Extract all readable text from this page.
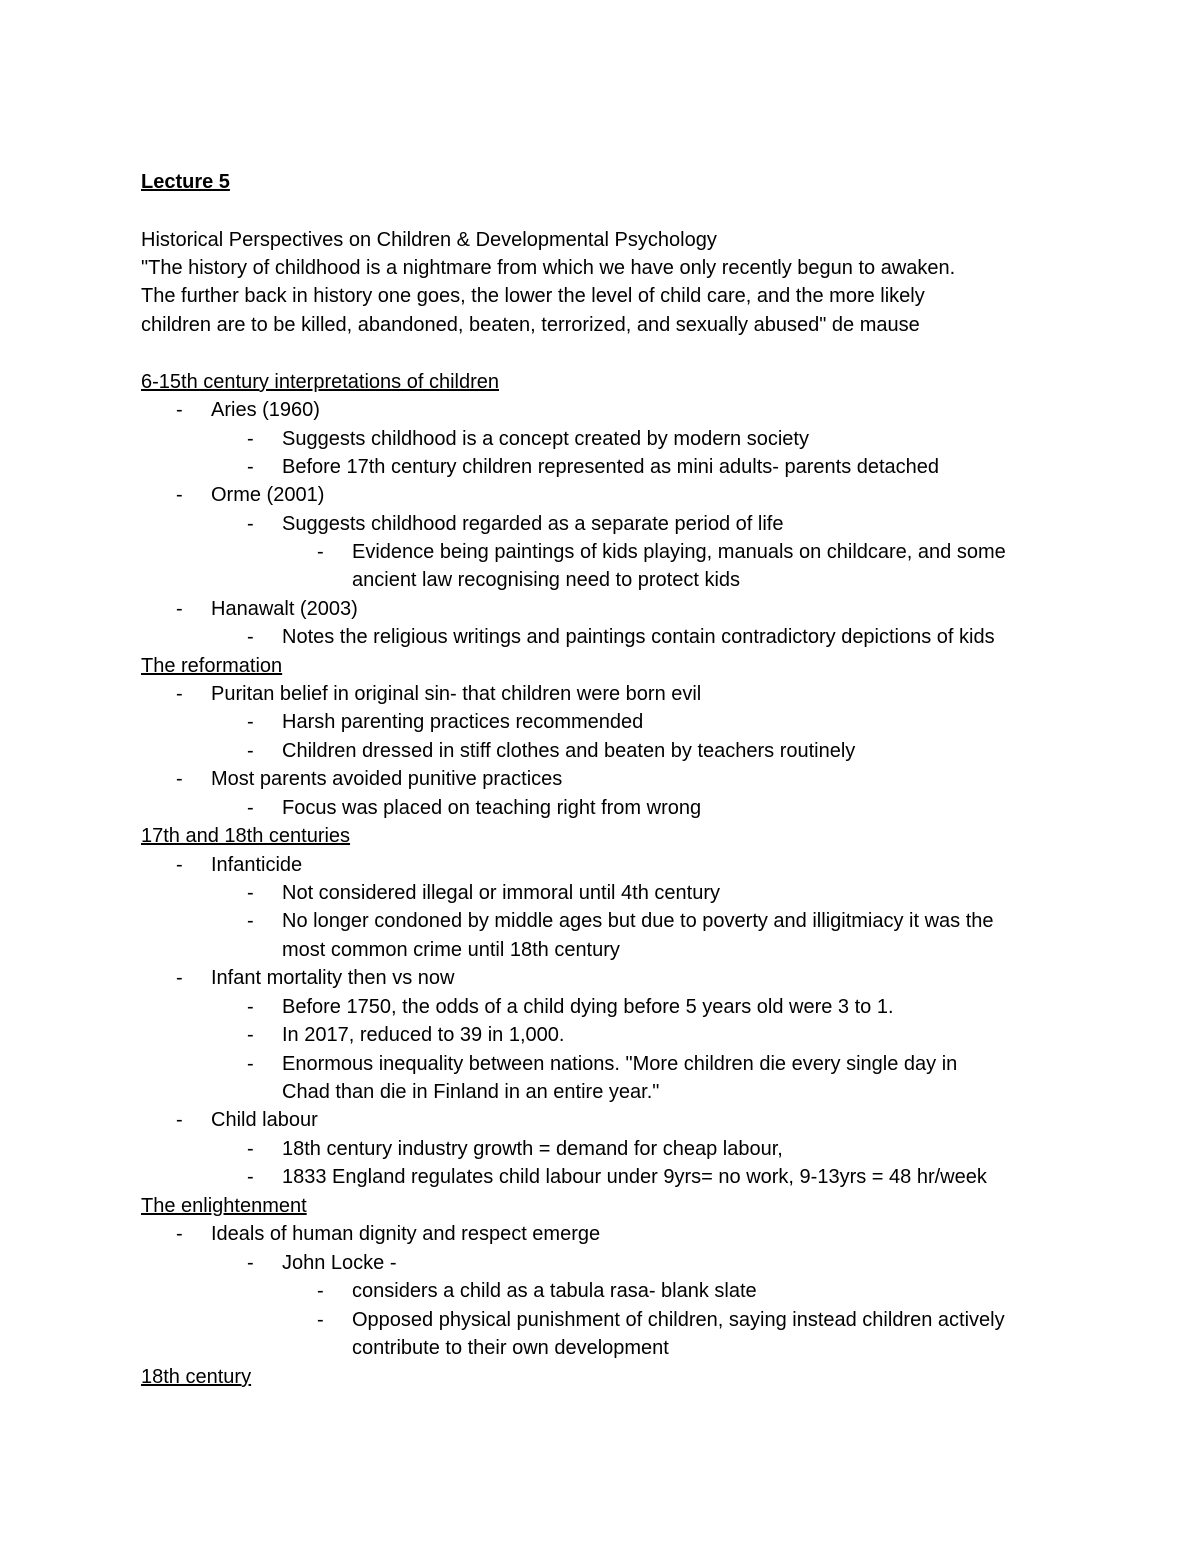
Lecture 5
Historical Perspectives on Children & Developmental Psychology
"The history of childhood is a nightmare from which we have only recently begun to awaken.
The further back in history one goes, the lower the level of child care, and the more likely
children are to be killed, abandoned, beaten, terrorized, and sexually abused" de mause
6-15th century interpretations of children
- Aries (1960)
- Suggests childhood is a concept created by modern society
- Before 17th century children represented as mini adults- parents detached
- Orme (2001)
- Suggests childhood regarded as a separate period of life
- Evidence being paintings of kids playing, manuals on childcare, and some
ancient law recognising need to protect kids
- Hanawalt (2003)
- Notes the religious writings and paintings contain contradictory depictions of kids
The reformation
- Puritan belief in original sin- that children were born evil
- Harsh parenting practices recommended
- Children dressed in stiff clothes and beaten by teachers routinely
- Most parents avoided punitive practices
- Focus was placed on teaching right from wrong
17th and 18th centuries
- Infanticide
- Not considered illegal or immoral until 4th century
- No longer condoned by middle ages but due to poverty and illigitmiacy it was the
most common crime until 18th century
- Infant mortality then vs now
- Before 1750, the odds of a child dying before 5 years old were 3 to 1.
- In 2017, reduced to 39 in 1,000.
- Enormous inequality between nations. "More children die every single day in
Chad than die in Finland in an entire year."
- Child labour
- 18th century industry growth = demand for cheap labour,
- 1833 England regulates child labour under 9yrs= no work, 9-13yrs = 48 hr/week
The enlightenment
- Ideals of human dignity and respect emerge
- John Locke -
- considers a child as a tabula rasa- blank slate
- Opposed physical punishment of children, saying instead children actively
contribute to their own development
18th century
